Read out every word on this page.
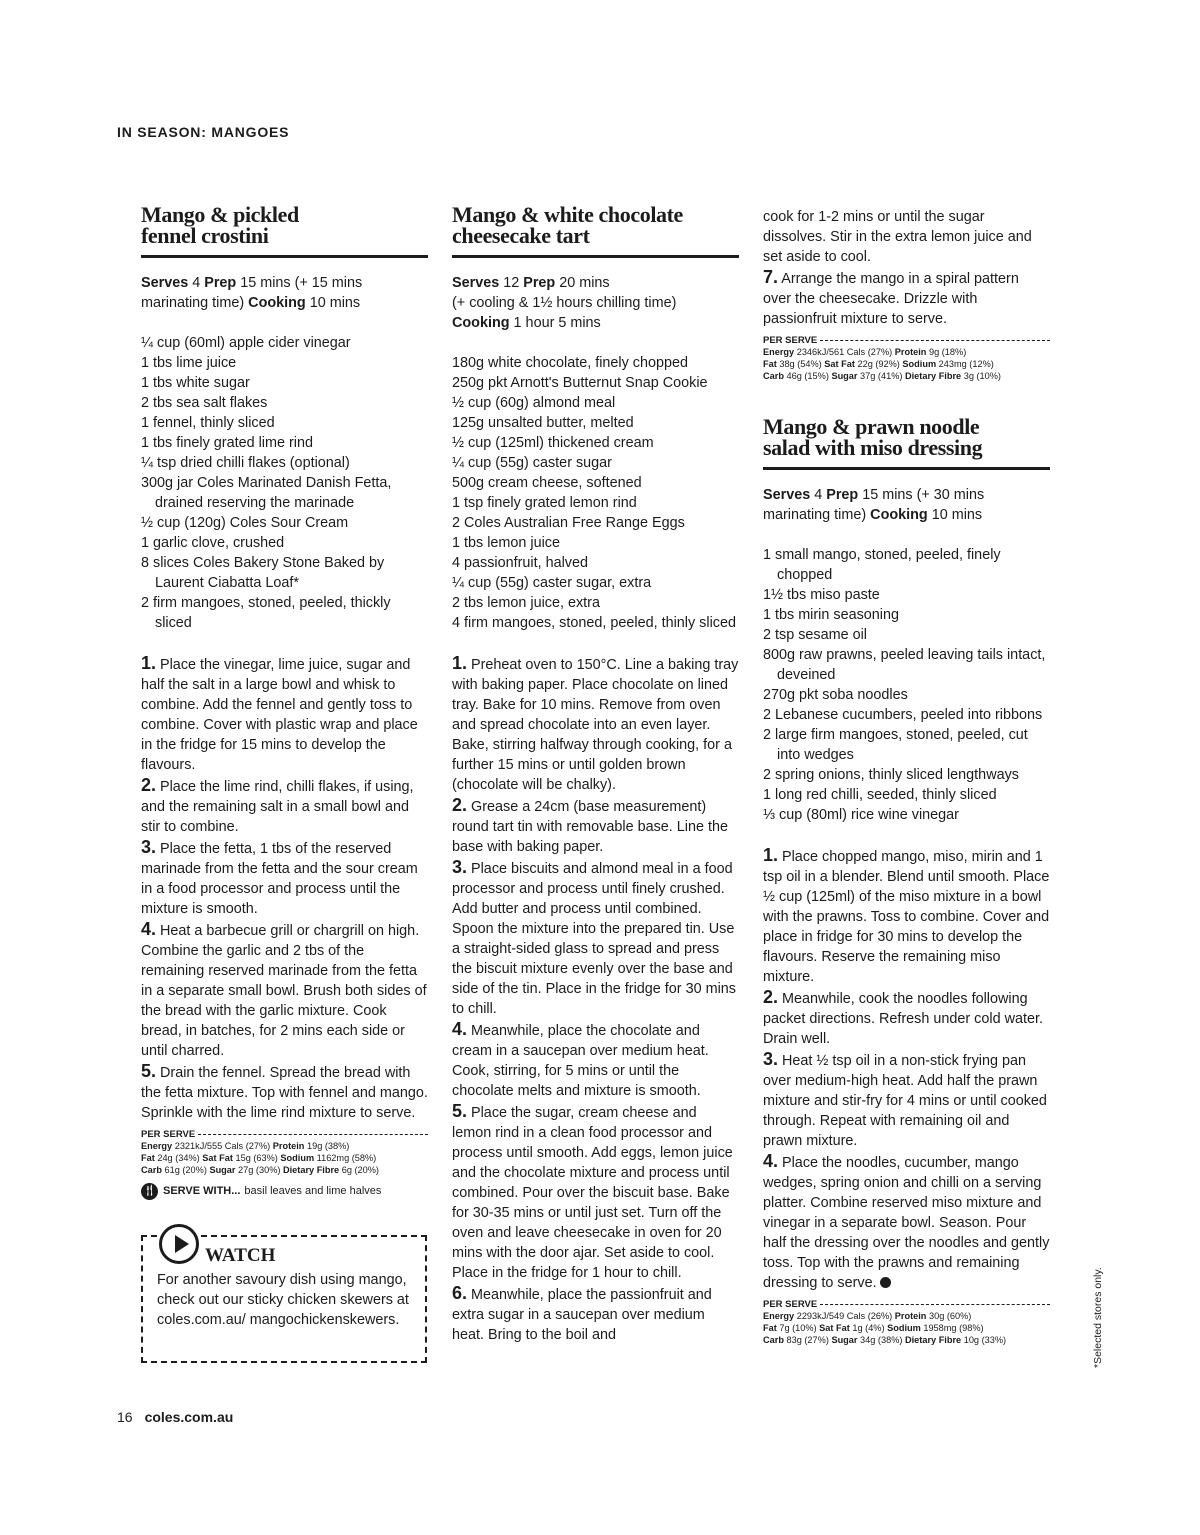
IN SEASON: MANGOES
Mango & pickled
fennel crostini
Serves 4 Prep 15 mins (+ 15 mins
marinating time) Cooking 10 mins
¼ cup (60ml) apple cider vinegar
1 tbs lime juice
1 tbs white sugar
2 tbs sea salt flakes
1 fennel, thinly sliced
1 tbs finely grated lime rind
¼ tsp dried chilli flakes (optional)
300g jar Coles Marinated Danish Fetta, drained reserving the marinade
½ cup (120g) Coles Sour Cream
1 garlic clove, crushed
8 slices Coles Bakery Stone Baked by Laurent Ciabatta Loaf*
2 firm mangoes, stoned, peeled, thickly sliced
1. Place the vinegar, lime juice, sugar and half the salt in a large bowl and whisk to combine. Add the fennel and gently toss to combine. Cover with plastic wrap and place in the fridge for 15 mins to develop the flavours.
2. Place the lime rind, chilli flakes, if using, and the remaining salt in a small bowl and stir to combine.
3. Place the fetta, 1 tbs of the reserved marinade from the fetta and the sour cream in a food processor and process until the mixture is smooth.
4. Heat a barbecue grill or chargrill on high. Combine the garlic and 2 tbs of the remaining reserved marinade from the fetta in a separate small bowl. Brush both sides of the bread with the garlic mixture. Cook bread, in batches, for 2 mins each side or until charred.
5. Drain the fennel. Spread the bread with the fetta mixture. Top with fennel and mango. Sprinkle with the lime rind mixture to serve.
PER SERVE
Energy 2321kJ/555 Cals (27%) Protein 19g (38%)
Fat 24g (34%) Sat Fat 15g (63%) Sodium 1162mg (58%)
Carb 61g (20%) Sugar 27g (30%) Dietary Fibre 6g (20%)
🍴︎ SERVE WITH... basil leaves and lime halves
WATCH
For another savoury dish using mango, check out our sticky chicken skewers at coles.com.au/ mangochickenskewers.
Mango & white chocolate
cheesecake tart
Serves 12 Prep 20 mins
(+ cooling & 1½ hours chilling time)
Cooking 1 hour 5 mins
180g white chocolate, finely chopped
250g pkt Arnott's Butternut Snap Cookie
½ cup (60g) almond meal
125g unsalted butter, melted
½ cup (125ml) thickened cream
¼ cup (55g) caster sugar
500g cream cheese, softened
1 tsp finely grated lemon rind
2 Coles Australian Free Range Eggs
1 tbs lemon juice
4 passionfruit, halved
¼ cup (55g) caster sugar, extra
2 tbs lemon juice, extra
4 firm mangoes, stoned, peeled, thinly sliced
1. Preheat oven to 150°C. Line a baking tray with baking paper. Place chocolate on lined tray. Bake for 10 mins. Remove from oven and spread chocolate into an even layer. Bake, stirring halfway through cooking, for a further 15 mins or until golden brown (chocolate will be chalky).
2. Grease a 24cm (base measurement) round tart tin with removable base. Line the base with baking paper.
3. Place biscuits and almond meal in a food processor and process until finely crushed. Add butter and process until combined. Spoon the mixture into the prepared tin. Use a straight-sided glass to spread and press the biscuit mixture evenly over the base and side of the tin. Place in the fridge for 30 mins to chill.
4. Meanwhile, place the chocolate and cream in a saucepan over medium heat. Cook, stirring, for 5 mins or until the chocolate melts and mixture is smooth.
5. Place the sugar, cream cheese and lemon rind in a clean food processor and process until smooth. Add eggs, lemon juice and the chocolate mixture and process until combined. Pour over the biscuit base. Bake for 30-35 mins or until just set. Turn off the oven and leave cheesecake in oven for 20 mins with the door ajar. Set aside to cool. Place in the fridge for 1 hour to chill.
6. Meanwhile, place the passionfruit and extra sugar in a saucepan over medium heat. Bring to the boil and
cook for 1-2 mins or until the sugar dissolves. Stir in the extra lemon juice and set aside to cool.
7. Arrange the mango in a spiral pattern over the cheesecake. Drizzle with passionfruit mixture to serve.
PER SERVE
Energy 2346kJ/561 Cals (27%) Protein 9g (18%)
Fat 38g (54%) Sat Fat 22g (92%) Sodium 243mg (12%)
Carb 46g (15%) Sugar 37g (41%) Dietary Fibre 3g (10%)
Mango & prawn noodle
salad with miso dressing
Serves 4 Prep 15 mins (+ 30 mins
marinating time) Cooking 10 mins
1 small mango, stoned, peeled, finely chopped
1½ tbs miso paste
1 tbs mirin seasoning
2 tsp sesame oil
800g raw prawns, peeled leaving tails intact, deveined
270g pkt soba noodles
2 Lebanese cucumbers, peeled into ribbons
2 large firm mangoes, stoned, peeled, cut into wedges
2 spring onions, thinly sliced lengthways
1 long red chilli, seeded, thinly sliced
⅓ cup (80ml) rice wine vinegar
1. Place chopped mango, miso, mirin and 1 tsp oil in a blender. Blend until smooth. Place ½ cup (125ml) of the miso mixture in a bowl with the prawns. Toss to combine. Cover and place in fridge for 30 mins to develop the flavours. Reserve the remaining miso mixture.
2. Meanwhile, cook the noodles following packet directions. Refresh under cold water. Drain well.
3. Heat ½ tsp oil in a non-stick frying pan over medium-high heat. Add half the prawn mixture and stir-fry for 4 mins or until cooked through. Repeat with remaining oil and prawn mixture.
4. Place the noodles, cucumber, mango wedges, spring onion and chilli on a serving platter. Combine reserved miso mixture and vinegar in a separate bowl. Season. Pour half the dressing over the noodles and gently toss. Top with the prawns and remaining dressing to serve.
PER SERVE
Energy 2293kJ/549 Cals (26%) Protein 30g (60%)
Fat 7g (10%) Sat Fat 1g (4%) Sodium 1958mg (98%)
Carb 83g (27%) Sugar 34g (38%) Dietary Fibre 10g (33%)	*Selected stores only.
16 coles.com.au
